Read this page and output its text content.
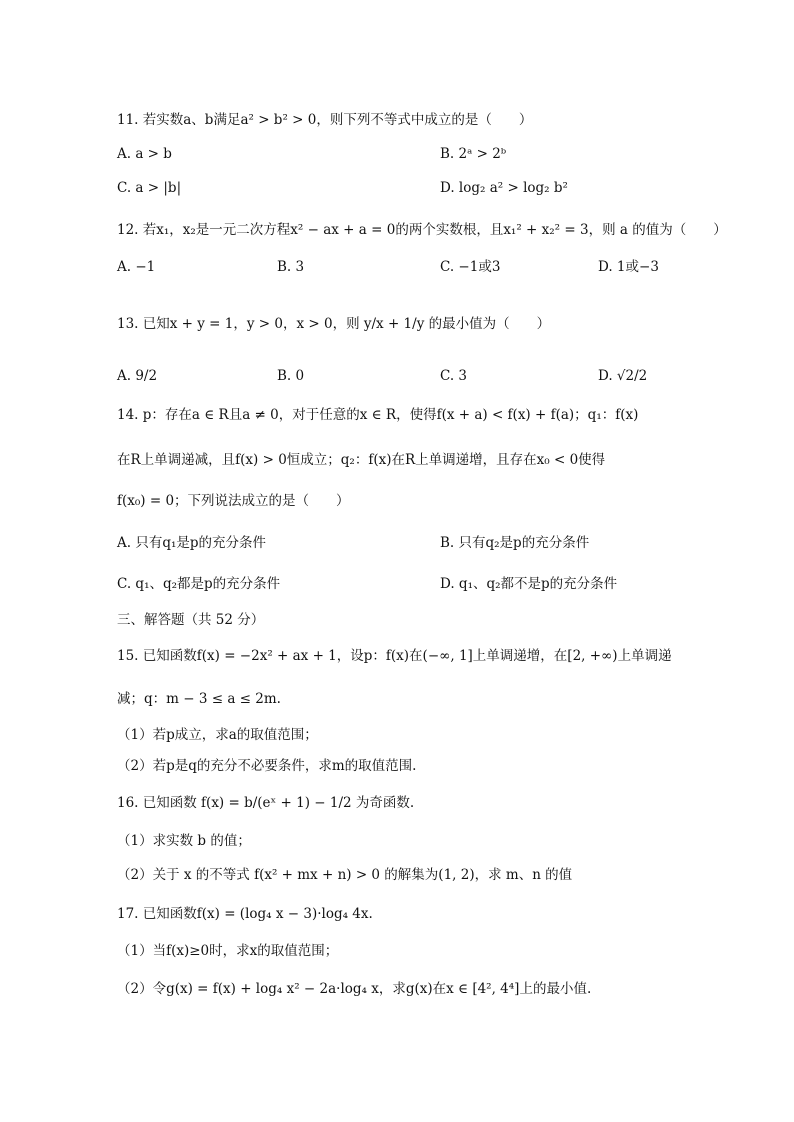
11. 若实数a、b满足a² > b² > 0，则下列不等式中成立的是（　　）
A. a > b	B. 2ᵃ > 2ᵇ
C. a > |b|	D. log₂ a² > log₂ b²
12. 若x₁，x₂是一元二次方程x² − ax + a = 0的两个实数根，且x₁² + x₂² = 3，则 a 的值为（　　）
A. −1	B. 3	C. −1或3	D. 1或−3
13. 已知x + y = 1，y > 0，x > 0，则 y/x + 1/y 的最小值为（　　）
A. 9/2	B. 0	C. 3	D. √2/2
14. p：存在a ∈ R且a ≠ 0，对于任意的x ∈ R，使得f(x + a) < f(x) + f(a)；q₁：f(x)
在R上单调递减，且f(x) > 0恒成立；q₂：f(x)在R上单调递增，且存在x₀ < 0使得
f(x₀) = 0；下列说法成立的是（　　）
A. 只有q₁是p的充分条件	B. 只有q₂是p的充分条件
C. q₁、q₂都是p的充分条件	D. q₁、q₂都不是p的充分条件
三、解答题（共 52 分）
15. 已知函数f(x) = −2x² + ax + 1，设p：f(x)在(−∞, 1]上单调递增，在[2, +∞)上单调递
减；q：m − 3 ≤ a ≤ 2m.
（1）若p成立，求a的取值范围；
（2）若p是q的充分不必要条件，求m的取值范围.
16. 已知函数 f(x) = b/(eˣ + 1) − 1/2 为奇函数.
（1）求实数 b 的值；
（2）关于 x 的不等式 f(x² + mx + n) > 0 的解集为(1, 2)，求 m、n 的值
17. 已知函数f(x) = (log₄ x − 3)·log₄ 4x.
（1）当f(x)≥0时，求x的取值范围；
（2）令g(x) = f(x) + log₄ x² − 2a·log₄ x，求g(x)在x ∈ [4², 4⁴]上的最小值.
